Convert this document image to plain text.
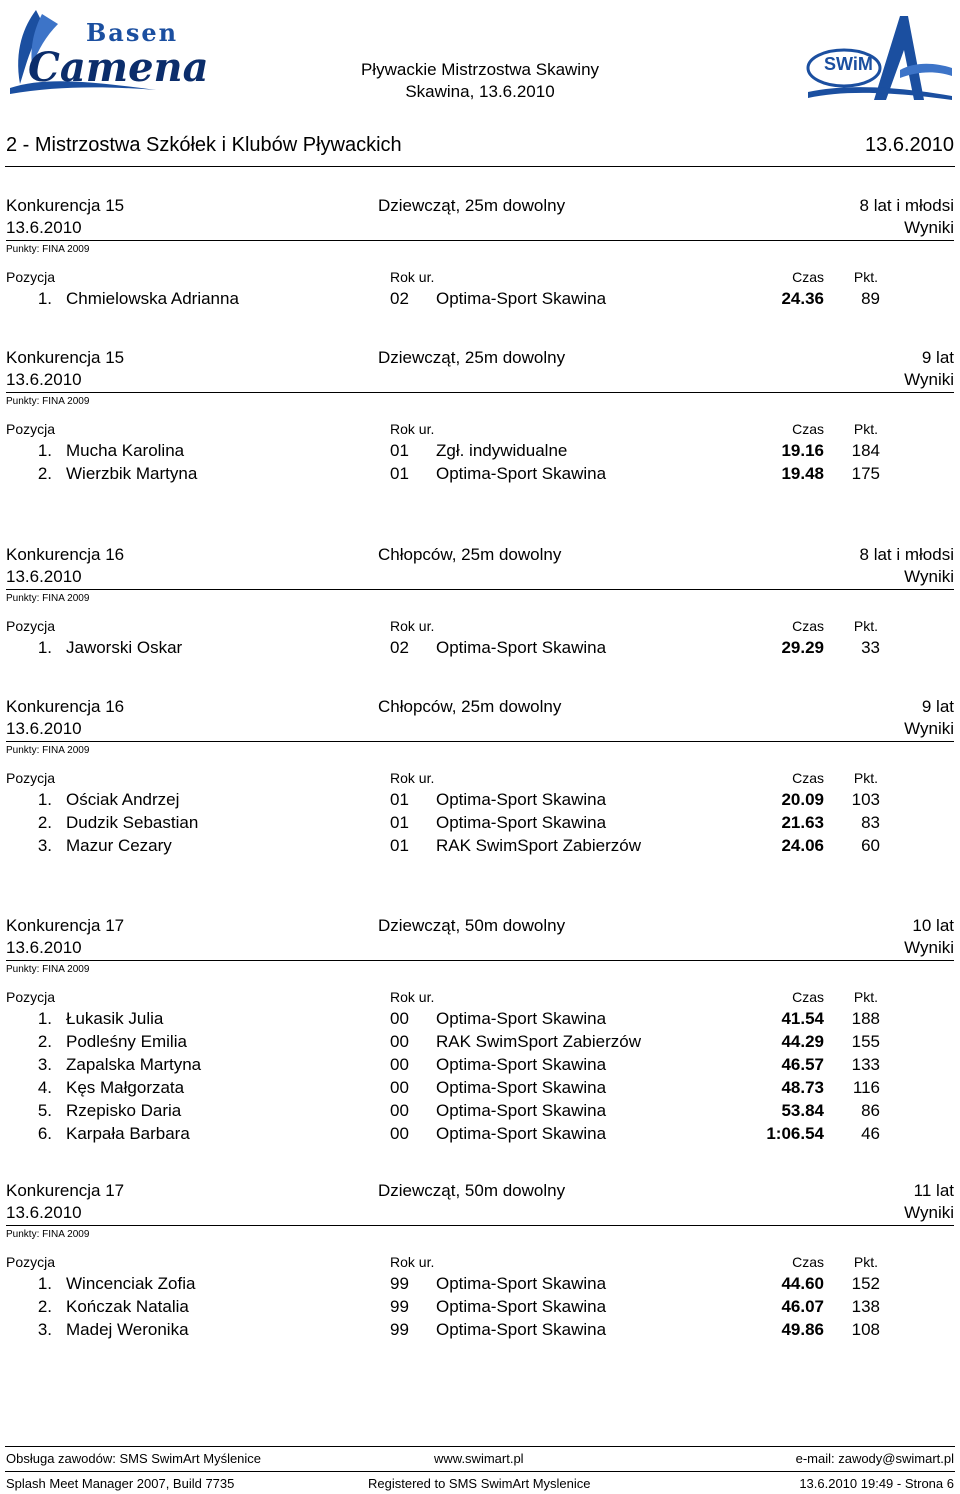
Basen
Camena	Pływackie Mistrzostwa Skawiny
Skawina, 13.6.2010
SWiM
2 - Mistrzostwa Szkółek i Klubów Pływackich	13.6.2010
Konkurencja 15	Dziewcząt, 25m dowolny	8 lat i młodsi
13.6.2010	Wyniki
Punkty: FINA 2009
Pozycja	Rok ur.	Czas Pkt.
1. Chmielowska Adrianna	02 Optima-Sport Skawina	24.36	89
Konkurencja 15	Dziewcząt, 25m dowolny	9 lat
13.6.2010	Wyniki
Punkty: FINA 2009
Pozycja	Rok ur.	Czas Pkt.
1. Mucha Karolina	01 Zgł. indywidualne	19.16	184
2. Wierzbik Martyna	01 Optima-Sport Skawina	19.48	175
Konkurencja 16	Chłopców, 25m dowolny	8 lat i młodsi
13.6.2010	Wyniki
Punkty: FINA 2009
Pozycja	Rok ur.	Czas Pkt.
1. Jaworski Oskar	02 Optima-Sport Skawina	29.29	33
Konkurencja 16	Chłopców, 25m dowolny	9 lat
13.6.2010	Wyniki
Punkty: FINA 2009
Pozycja	Rok ur.	Czas Pkt.
1. Ościak Andrzej	01 Optima-Sport Skawina	20.09	103
2. Dudzik Sebastian	01 Optima-Sport Skawina	21.63	83
3. Mazur Cezary	01 RAK SwimSport Zabierzów	24.06	60
Konkurencja 17	Dziewcząt, 50m dowolny	10 lat
13.6.2010	Wyniki
Punkty: FINA 2009
Pozycja	Rok ur.	Czas Pkt.
1. Łukasik Julia	00 Optima-Sport Skawina	41.54	188
2. Podleśny Emilia	00 RAK SwimSport Zabierzów	44.29	155
3. Zapalska Martyna	00 Optima-Sport Skawina	46.57	133
4. Kęs Małgorzata	00 Optima-Sport Skawina	48.73	116
5. Rzepisko Daria	00 Optima-Sport Skawina	53.84	86
6. Karpała Barbara	00 Optima-Sport Skawina	1:06.54	46
Konkurencja 17	Dziewcząt, 50m dowolny	11 lat
13.6.2010	Wyniki
Punkty: FINA 2009
Pozycja	Rok ur.	Czas Pkt.
1. Wincenciak Zofia	99 Optima-Sport Skawina	44.60	152
2. Kończak Natalia	99 Optima-Sport Skawina	46.07	138
3. Madej Weronika	99 Optima-Sport Skawina	49.86	108
Obsługa zawodów: SMS SwimArt Myślenice	www.swimart.pl	e-mail: zawody@swimart.pl
Splash Meet Manager 2007, Build 7735	Registered to SMS SwimArt Myslenice	13.6.2010 19:49 - Strona 6
